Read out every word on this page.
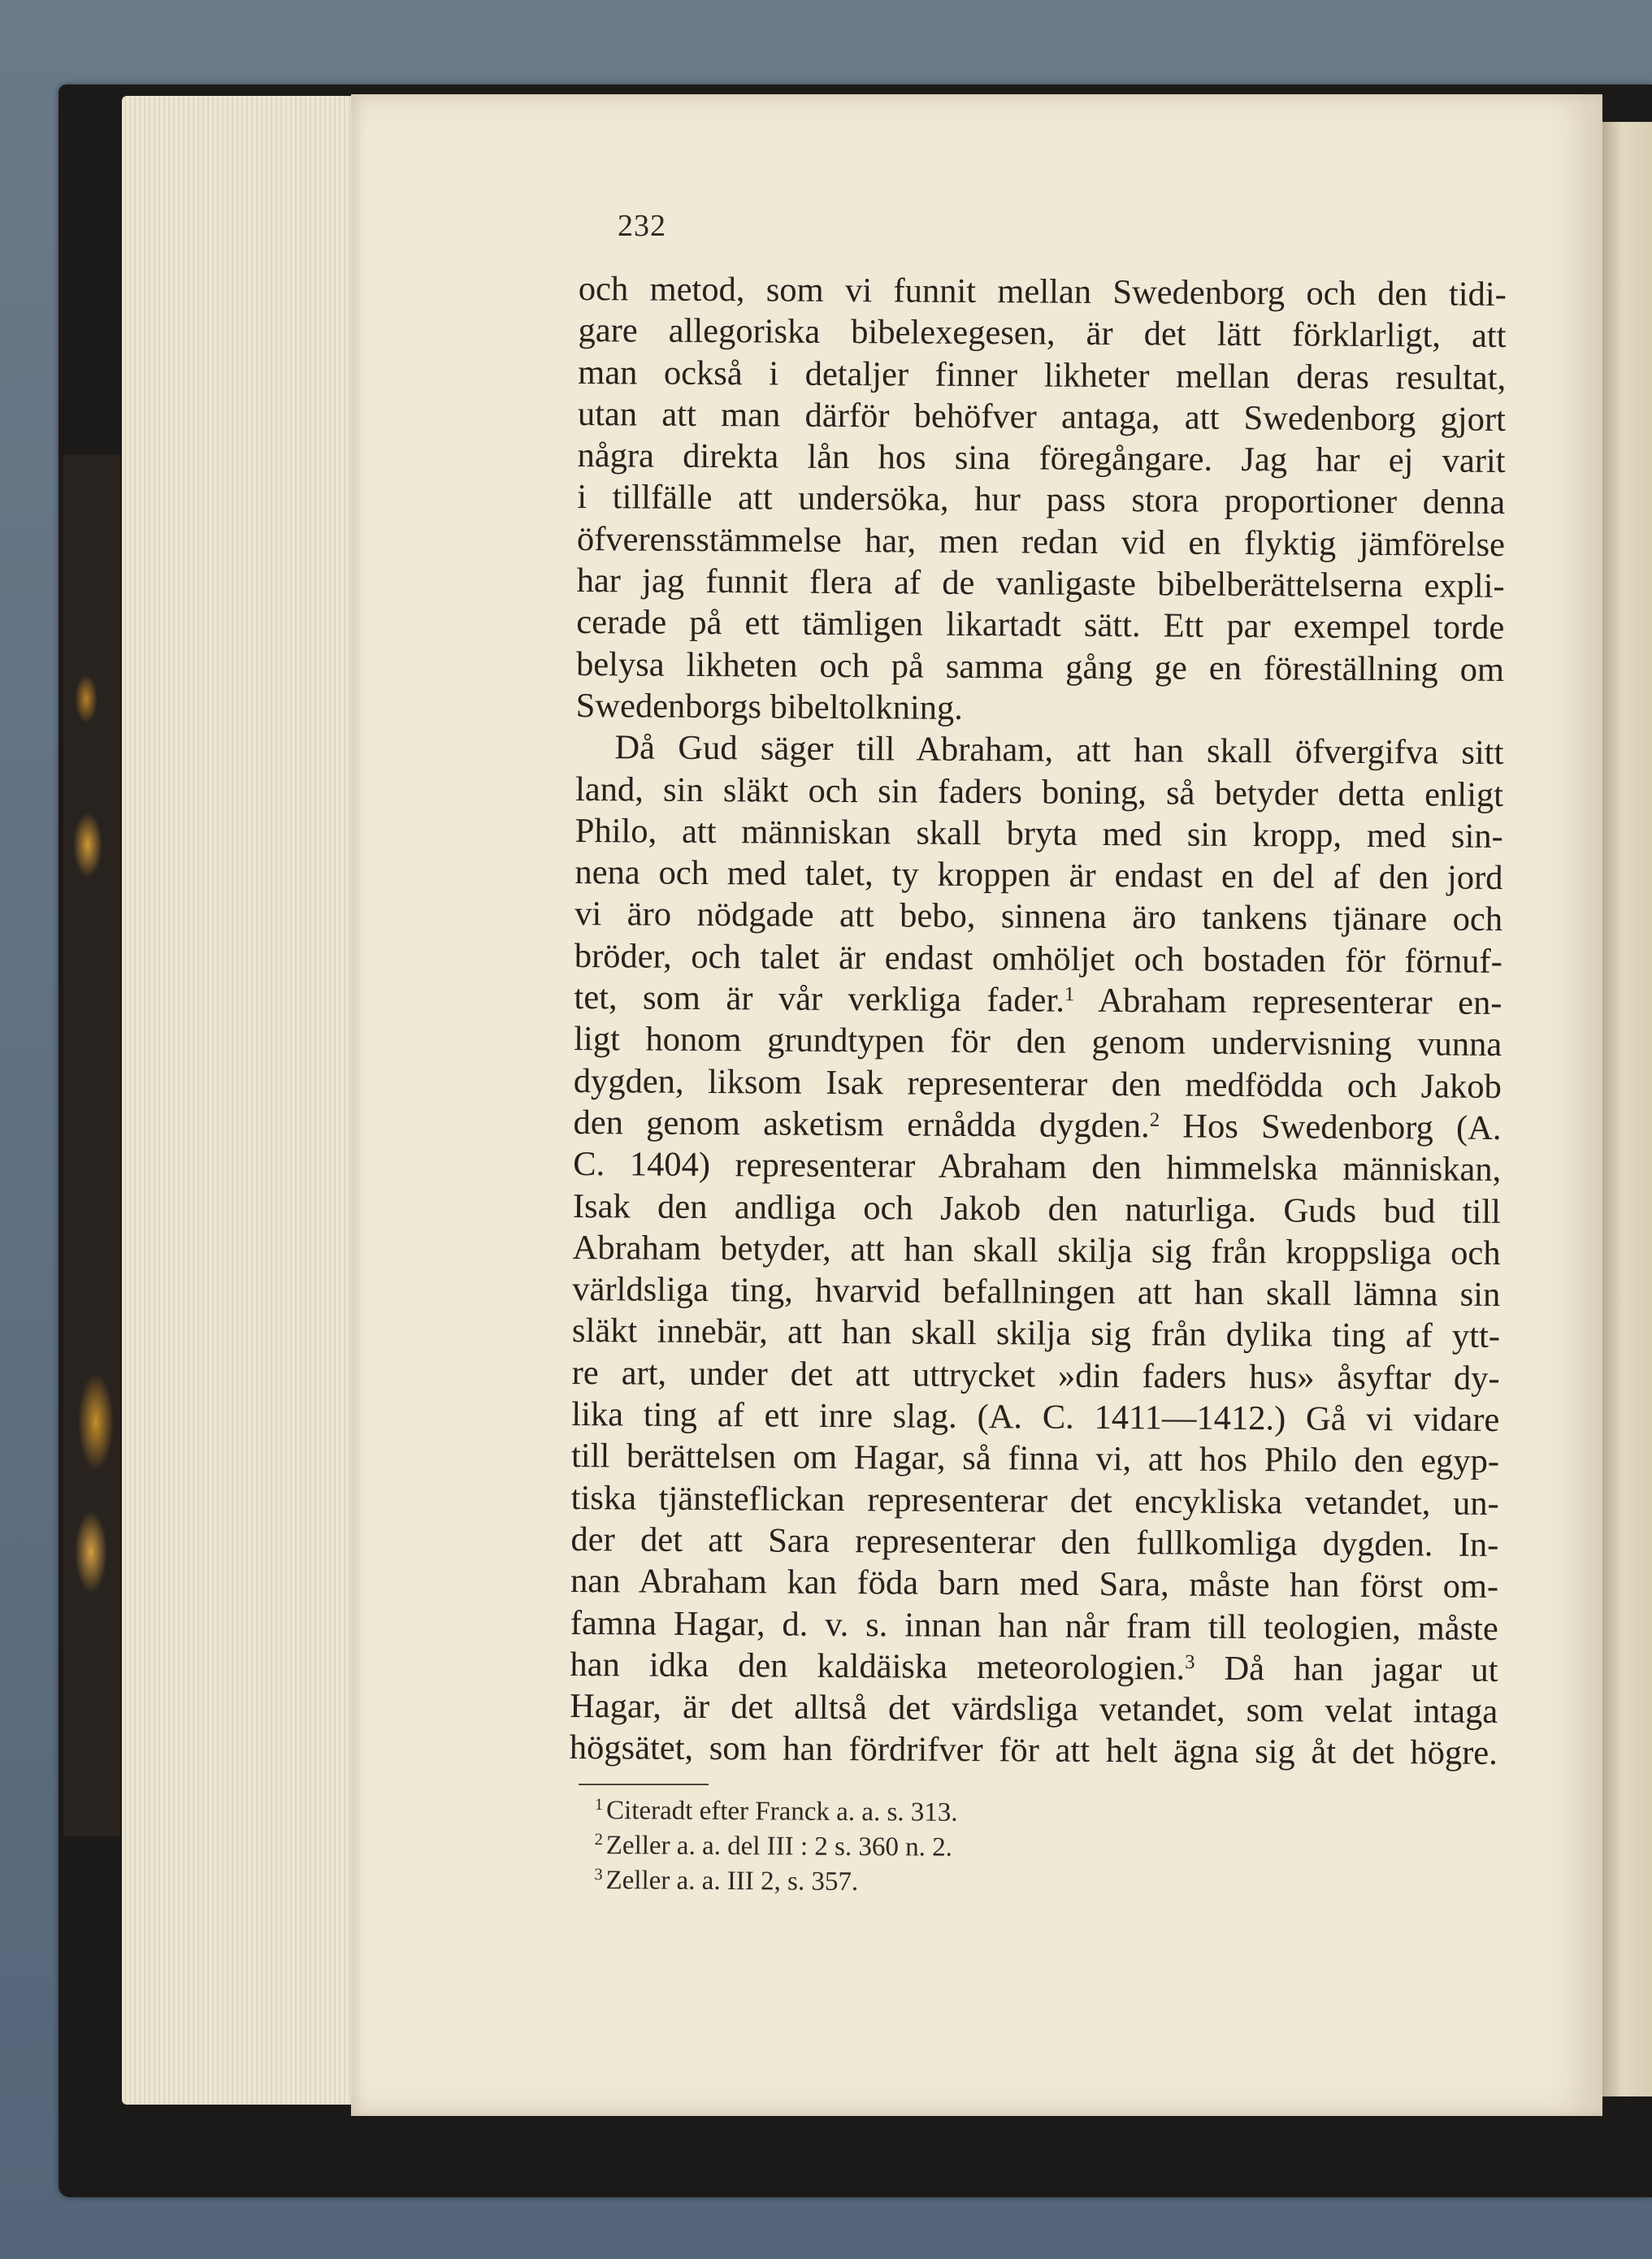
232
och metod, som vi funnit mellan Swedenborg och den tidi-
gare allegoriska bibelexegesen, är det lätt förklarligt, att
man också i detaljer finner likheter mellan deras resultat,
utan att man därför behöfver antaga, att Swedenborg gjort
några direkta lån hos sina föregångare. Jag har ej varit
i tillfälle att undersöka, hur pass stora proportioner denna
öfverensstämmelse har, men redan vid en flyktig jämförelse
har jag funnit flera af de vanligaste bibelberättelserna expli-
cerade på ett tämligen likartadt sätt. Ett par exempel torde
belysa likheten och på samma gång ge en föreställning om
Swedenborgs bibeltolkning.
Då Gud säger till Abraham, att han skall öfvergifva sitt
land, sin släkt och sin faders boning, så betyder detta enligt
Philo, att människan skall bryta med sin kropp, med sin-
nena och med talet, ty kroppen är endast en del af den jord
vi äro nödgade att bebo, sinnena äro tankens tjänare och
bröder, och talet är endast omhöljet och bostaden för förnuf-
tet, som är vår verkliga fader.$^1$ Abraham representerar en-
ligt honom grundtypen för den genom undervisning vunna
dygden, liksom Isak representerar den medfödda och Jakob
den genom asketism ernådda dygden.$^2$ Hos Swedenborg (A.
C. 1404) representerar Abraham den himmelska människan,
Isak den andliga och Jakob den naturliga. Guds bud till
Abraham betyder, att han skall skilja sig från kroppsliga och
världsliga ting, hvarvid befallningen att han skall lämna sin
släkt innebär, att han skall skilja sig från dylika ting af ytt-
re art, under det att uttrycket »din faders hus» åsyftar dy-
lika ting af ett inre slag. (A. C. 1411—1412.) Gå vi vidare
till berättelsen om Hagar, så finna vi, att hos Philo den egyp-
tiska tjänsteflickan representerar det encykliska vetandet, un-
der det att Sara representerar den fullkomliga dygden. In-
nan Abraham kan föda barn med Sara, måste han först om-
famna Hagar, d. v. s. innan han når fram till teologien, måste
han idka den kaldäiska meteorologien.$^3$ Då han jagar ut
Hagar, är det alltså det värdsliga vetandet, som velat intaga
högsätet, som han fördrifver för att helt ägna sig åt det högre.
$^1$ Citeradt efter Franck a. a. s. 313.
$^2$ Zeller a. a. del III : 2 s. 360 n. 2.
$^3$ Zeller a. a. III 2, s. 357.
